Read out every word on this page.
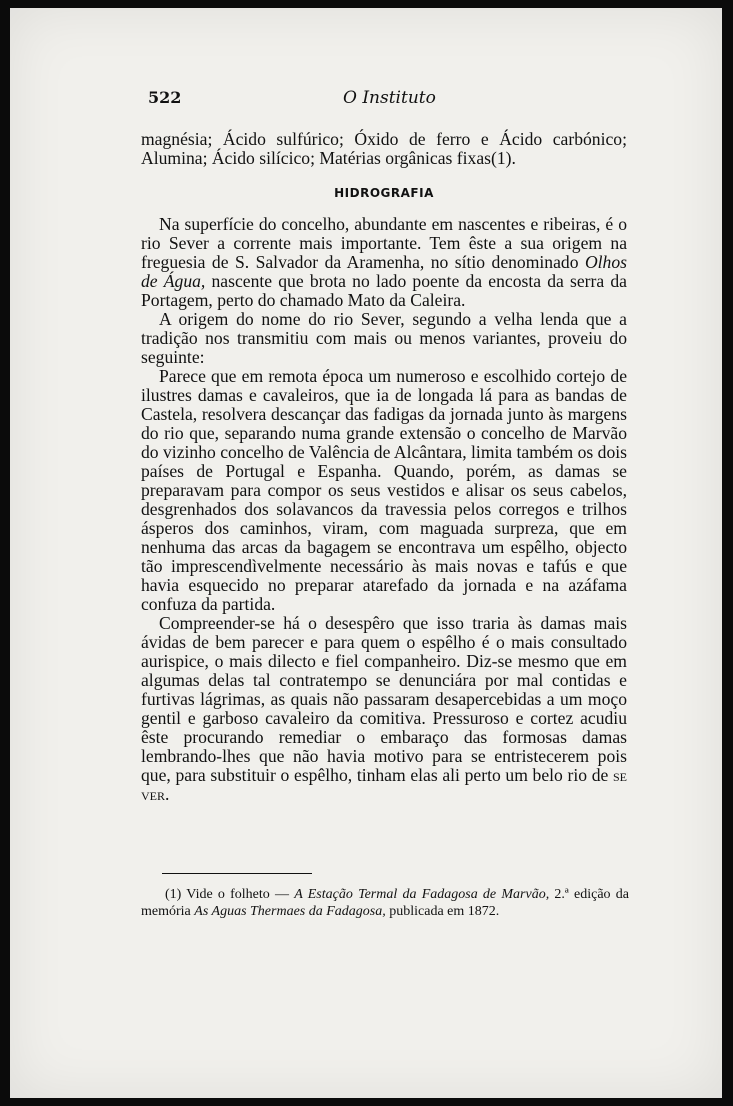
522	O Instituto

magnésia; Ácido sulfúrico; Óxido de ferro e Ácido carbónico; Alumina; Ácido silícico; Matérias orgânicas fixas(1).

HIDROGRAFIA

Na superfície do concelho, abundante em nascentes e ribeiras, é o rio Sever a corrente mais importante. Tem êste a sua origem na freguesia de S. Salvador da Aramenha, no sítio denominado Olhos de Água, nascente que brota no lado poente da encosta da serra da Portagem, perto do chamado Mato da Caleira.

A origem do nome do rio Sever, segundo a velha lenda que a tradição nos transmitiu com mais ou menos variantes, proveiu do seguinte:

Parece que em remota época um numeroso e escolhido cortejo de ilustres damas e cavaleiros, que ia de longada lá para as bandas de Castela, resolvera descançar das fadigas da jornada junto às margens do rio que, separando numa grande extensão o concelho de Marvão do vizinho concelho de Valência de Alcântara, limita também os dois países de Portugal e Espanha. Quando, porém, as damas se preparavam para compor os seus vestidos e alisar os seus cabelos, desgrenhados dos solavancos da travessia pelos corregos e trilhos ásperos dos caminhos, viram, com maguada surpreza, que em nenhuma das arcas da bagagem se encontrava um espêlho, objecto tão imprescendìvelmente necessário às mais novas e tafús e que havia esquecido no preparar atarefado da jornada e na azáfama confuza da partida.

Compreender-se há o desespêro que isso traria às damas mais ávidas de bem parecer e para quem o espêlho é o mais consultado aurispice, o mais dilecto e fiel companheiro. Diz-se mesmo que em algumas delas tal contratempo se denunciára por mal contidas e furtivas lágrimas, as quais não passaram desapercebidas a um moço gentil e garboso cavaleiro da comitiva. Pressuroso e cortez acudiu êste procurando remediar o embaraço das formosas damas lembrando-lhes que não havia motivo para se entristecerem pois que, para substituir o espêlho, tinham elas ali perto um belo rio de se ver.

(1) Vide o folheto — A Estação Termal da Fadagosa de Marvão, 2.ª edição da memória As Aguas Thermaes da Fadagosa, publicada em 1872.
